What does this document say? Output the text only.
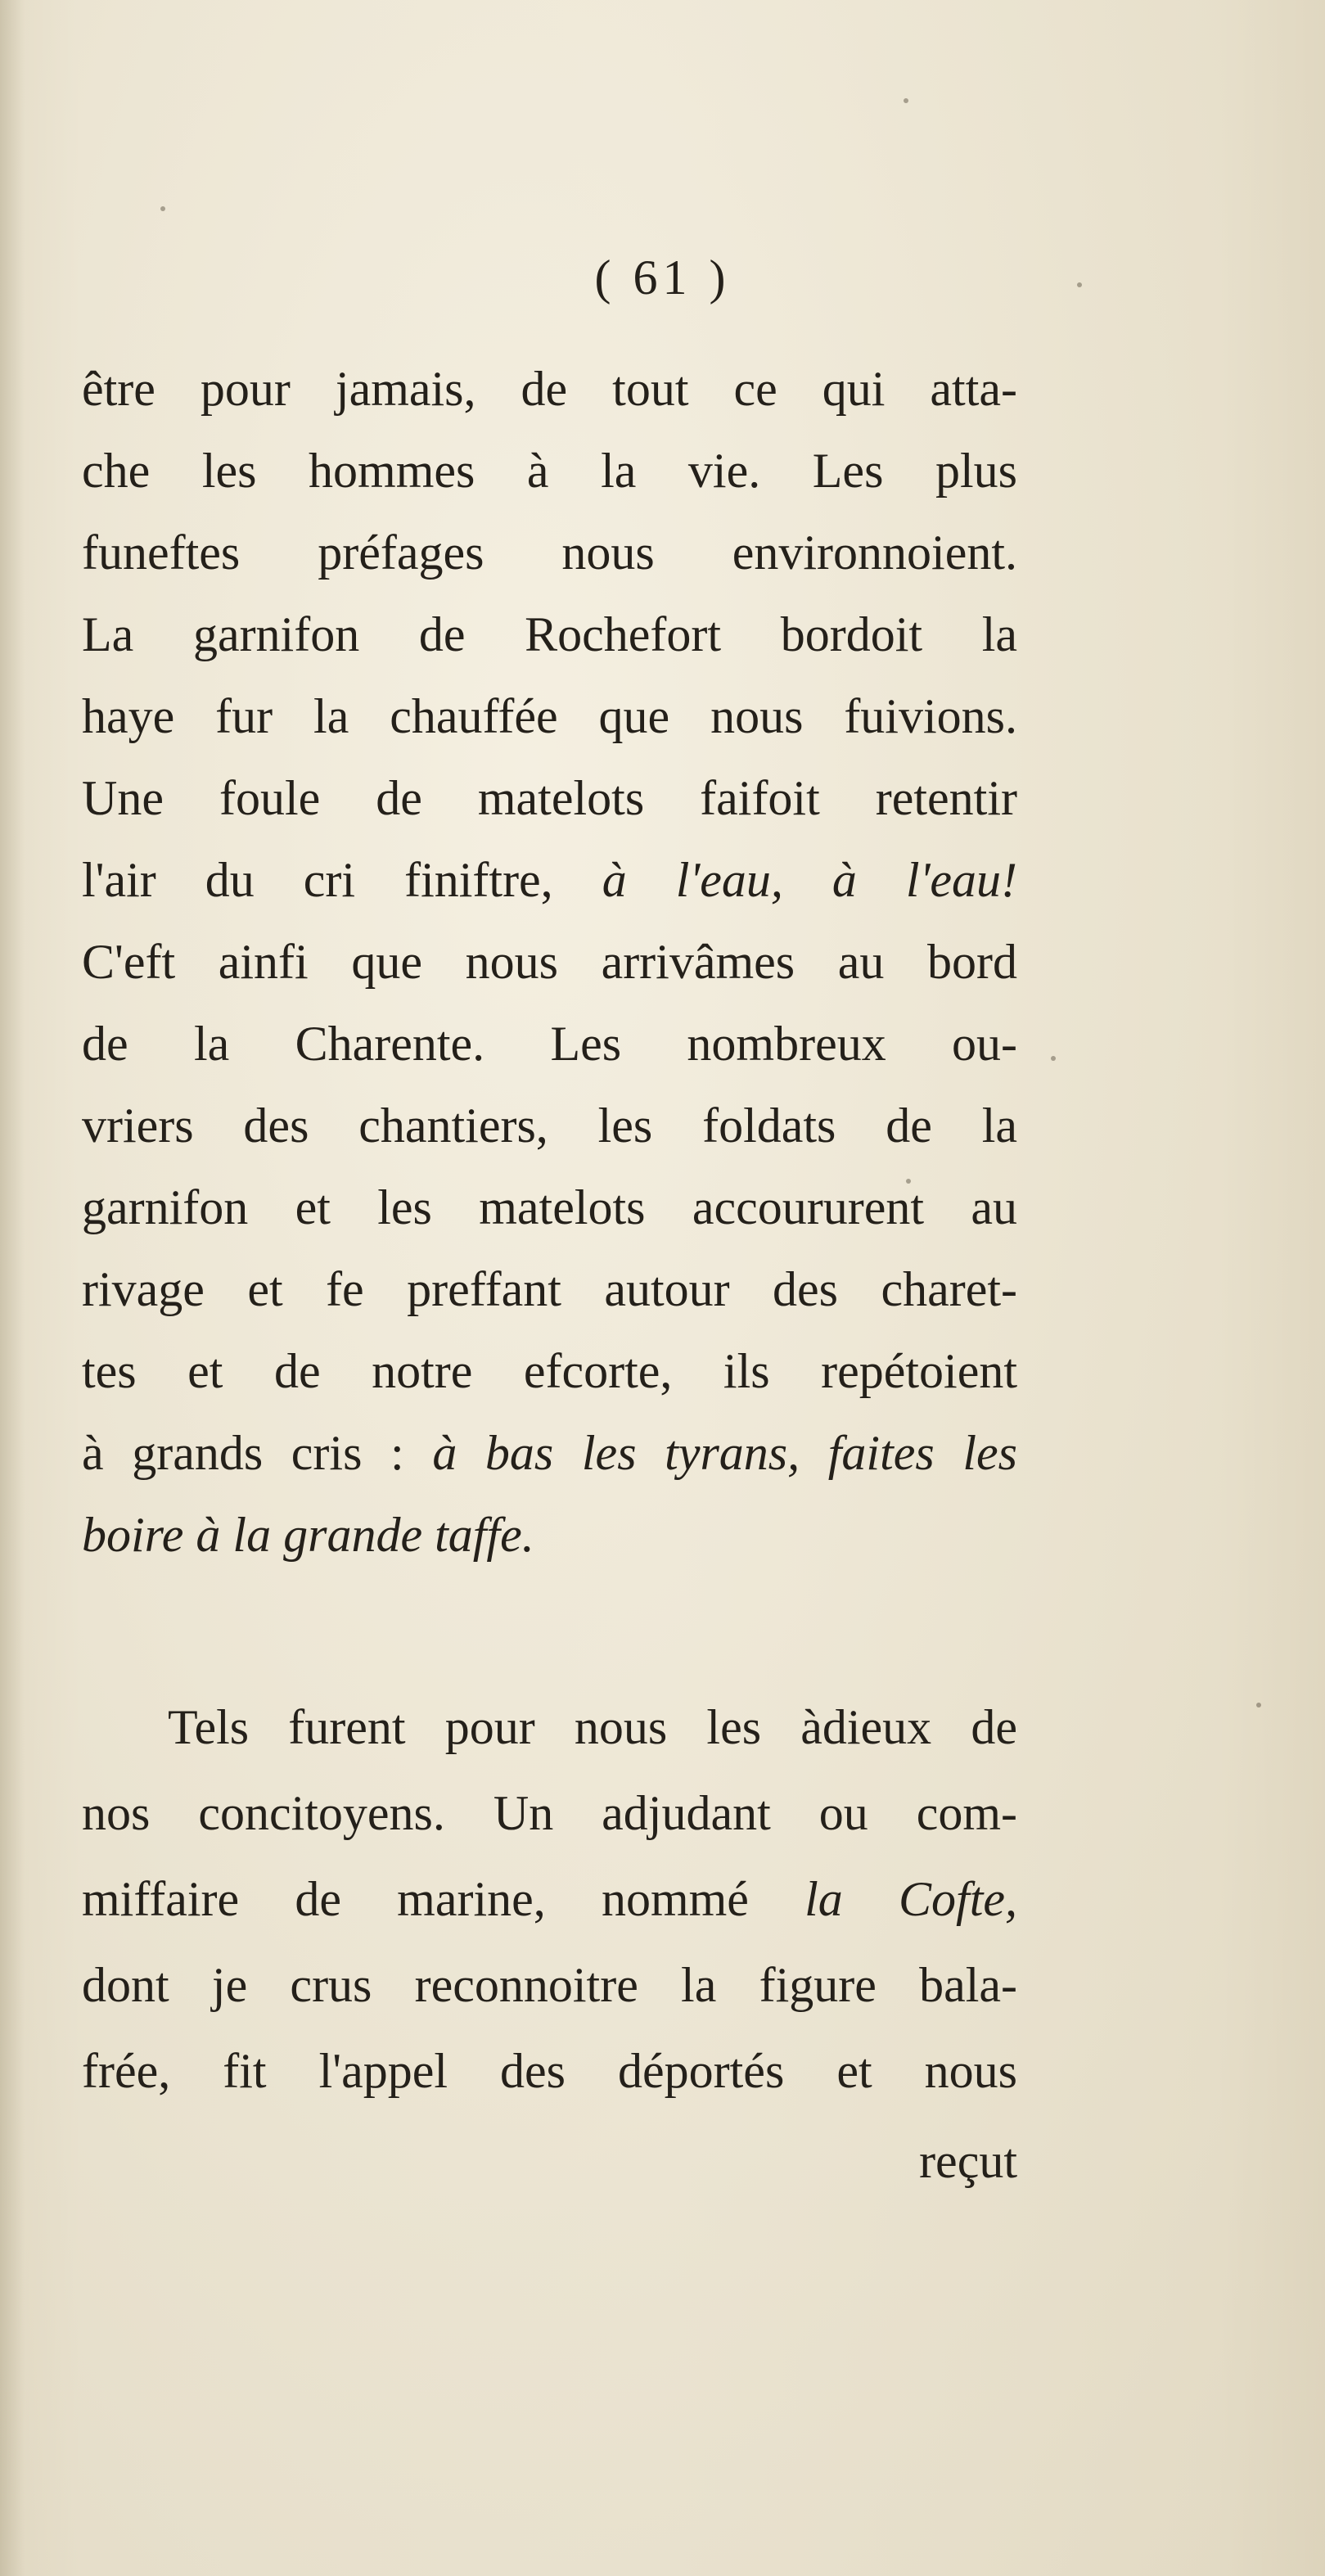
( 61 )
être pour jamais, de tout ce qui atta-
che les hommes à la vie. Les plus
funeftes préfages nous environnoient.
La garnifon de Rochefort bordoit la
haye fur la chauffée que nous fuivions.
Une foule de matelots faifoit retentir
l'air du cri finiftre, à l'eau, à l'eau!
C'eft ainfi que nous arrivâmes au bord
de la Charente. Les nombreux ou-
vriers des chantiers, les foldats de la
garnifon et les matelots accoururent au
rivage et fe preffant autour des charet-
tes et de notre efcorte, ils repétoient
à grands cris : à bas les tyrans, faites les
boire à la grande taffe.
Tels furent pour nous les àdieux de
nos concitoyens. Un adjudant ou com-
miffaire de marine, nommé la Cofte,
dont je crus reconnoitre la figure bala-
frée, fit l'appel des déportés et nous
reçut
